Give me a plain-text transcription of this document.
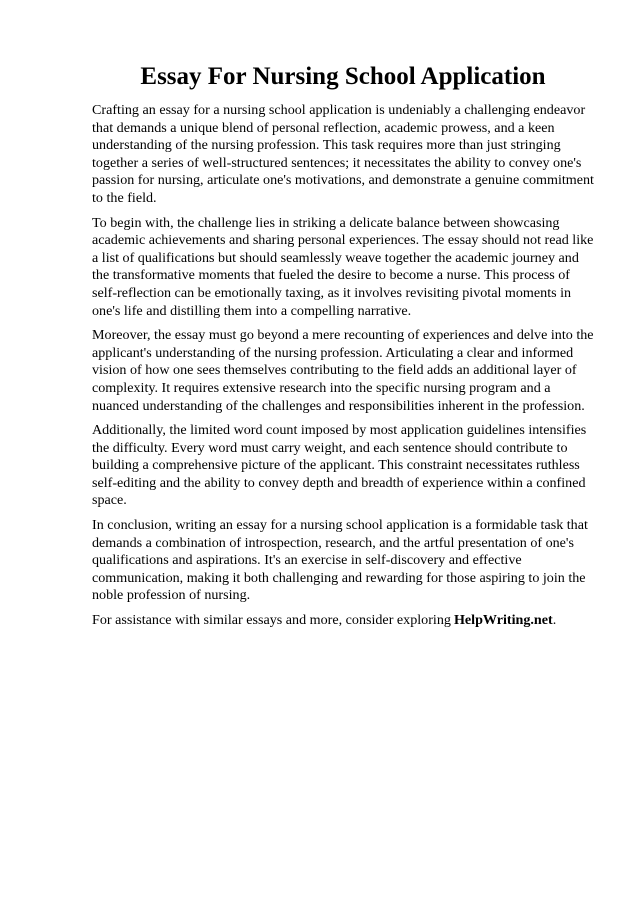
Essay For Nursing School Application

Crafting an essay for a nursing school application is undeniably a challenging endeavor that demands a unique blend of personal reflection, academic prowess, and a keen understanding of the nursing profession. This task requires more than just stringing together a series of well-structured sentences; it necessitates the ability to convey one's passion for nursing, articulate one's motivations, and demonstrate a genuine commitment to the field.

To begin with, the challenge lies in striking a delicate balance between showcasing academic achievements and sharing personal experiences. The essay should not read like a list of qualifications but should seamlessly weave together the academic journey and the transformative moments that fueled the desire to become a nurse. This process of self-reflection can be emotionally taxing, as it involves revisiting pivotal moments in one's life and distilling them into a compelling narrative.

Moreover, the essay must go beyond a mere recounting of experiences and delve into the applicant's understanding of the nursing profession. Articulating a clear and informed vision of how one sees themselves contributing to the field adds an additional layer of complexity. It requires extensive research into the specific nursing program and a nuanced understanding of the challenges and responsibilities inherent in the profession.

Additionally, the limited word count imposed by most application guidelines intensifies the difficulty. Every word must carry weight, and each sentence should contribute to building a comprehensive picture of the applicant. This constraint necessitates ruthless self-editing and the ability to convey depth and breadth of experience within a confined space.

In conclusion, writing an essay for a nursing school application is a formidable task that demands a combination of introspection, research, and the artful presentation of one's qualifications and aspirations. It's an exercise in self-discovery and effective communication, making it both challenging and rewarding for those aspiring to join the noble profession of nursing.

For assistance with similar essays and more, consider exploring HelpWriting.net.
